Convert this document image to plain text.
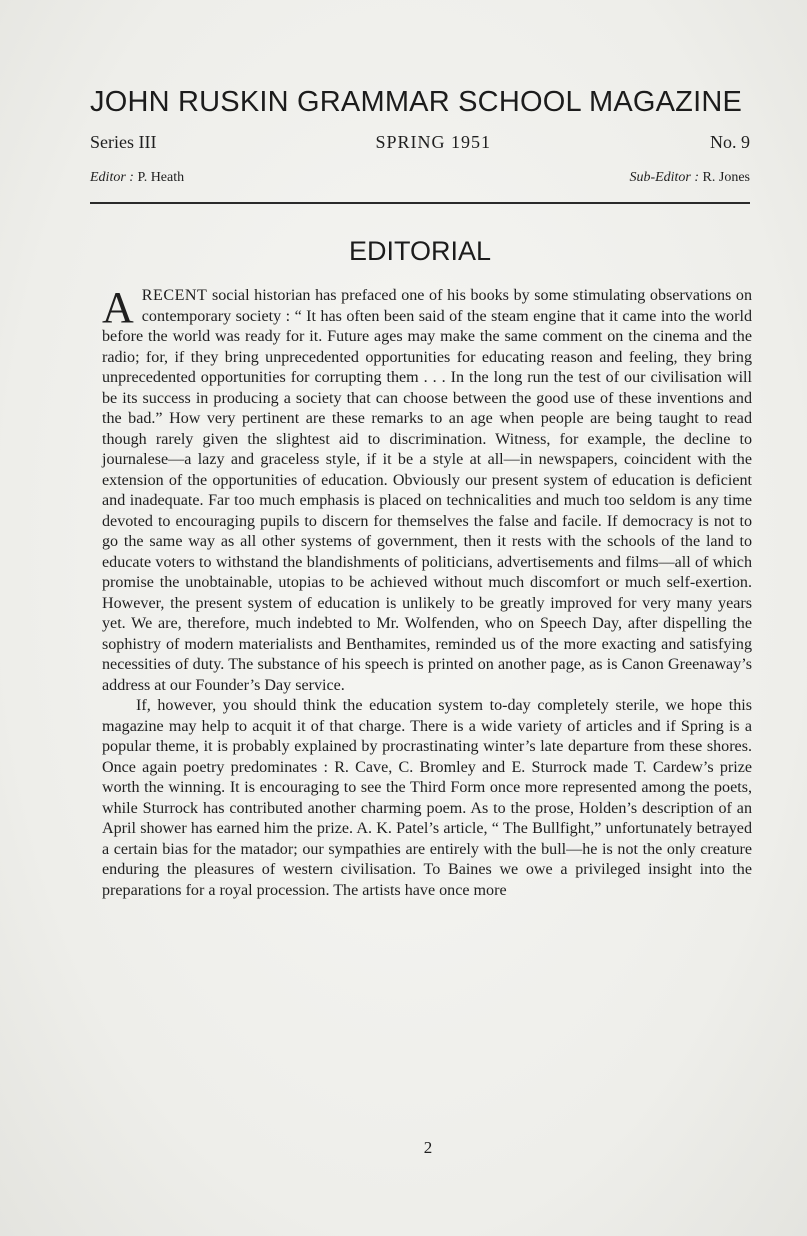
JOHN RUSKIN GRAMMAR SCHOOL MAGAZINE
Series III	SPRING 1951	No. 9
Editor : P. Heath	Sub-Editor : R. Jones
EDITORIAL

ARECENT social historian has prefaced one of his books by some stimulating observations on contemporary society : “ It has often been said of the steam engine that it came into the world before the world was ready for it. Future ages may make the same comment on the cinema and the radio; for, if they bring unprecedented opportunities for educating reason and feeling, they bring unprecedented opportunities for corrupting them . . . In the long run the test of our civilisation will be its success in producing a society that can choose between the good use of these inventions and the bad.” How very pertinent are these remarks to an age when people are being taught to read though rarely given the slightest aid to discrimination. Witness, for example, the decline to journalese—a lazy and graceless style, if it be a style at all—in newspapers, coincident with the extension of the opportunities of education. Obviously our present system of education is deficient and inadequate. Far too much emphasis is placed on technicalities and much too seldom is any time devoted to encouraging pupils to discern for themselves the false and facile. If democracy is not to go the same way as all other systems of government, then it rests with the schools of the land to educate voters to withstand the blandishments of politicians, advertisements and films—all of which promise the unobtainable, utopias to be achieved without much discomfort or much self-exertion. However, the present system of education is unlikely to be greatly improved for very many years yet. We are, therefore, much indebted to Mr. Wolfenden, who on Speech Day, after dispelling the sophistry of modern materialists and Benthamites, reminded us of the more exacting and satisfying necessities of duty. The substance of his speech is printed on another page, as is Canon Greenaway’s address at our Founder’s Day service.

If, however, you should think the education system to-day completely sterile, we hope this magazine may help to acquit it of that charge. There is a wide variety of articles and if Spring is a popular theme, it is probably explained by procrastinating winter’s late departure from these shores. Once again poetry predominates : R. Cave, C. Bromley and E. Sturrock made T. Cardew’s prize worth the winning. It is encouraging to see the Third Form once more represented among the poets, while Sturrock has contributed another charming poem. As to the prose, Holden’s description of an April shower has earned him the prize. A. K. Patel’s article, “ The Bullfight,” unfortunately betrayed a certain bias for the matador; our sympathies are entirely with the bull—he is not the only creature enduring the pleasures of western civilisation. To Baines we owe a privileged insight into the preparations for a royal procession. The artists have once more

2
